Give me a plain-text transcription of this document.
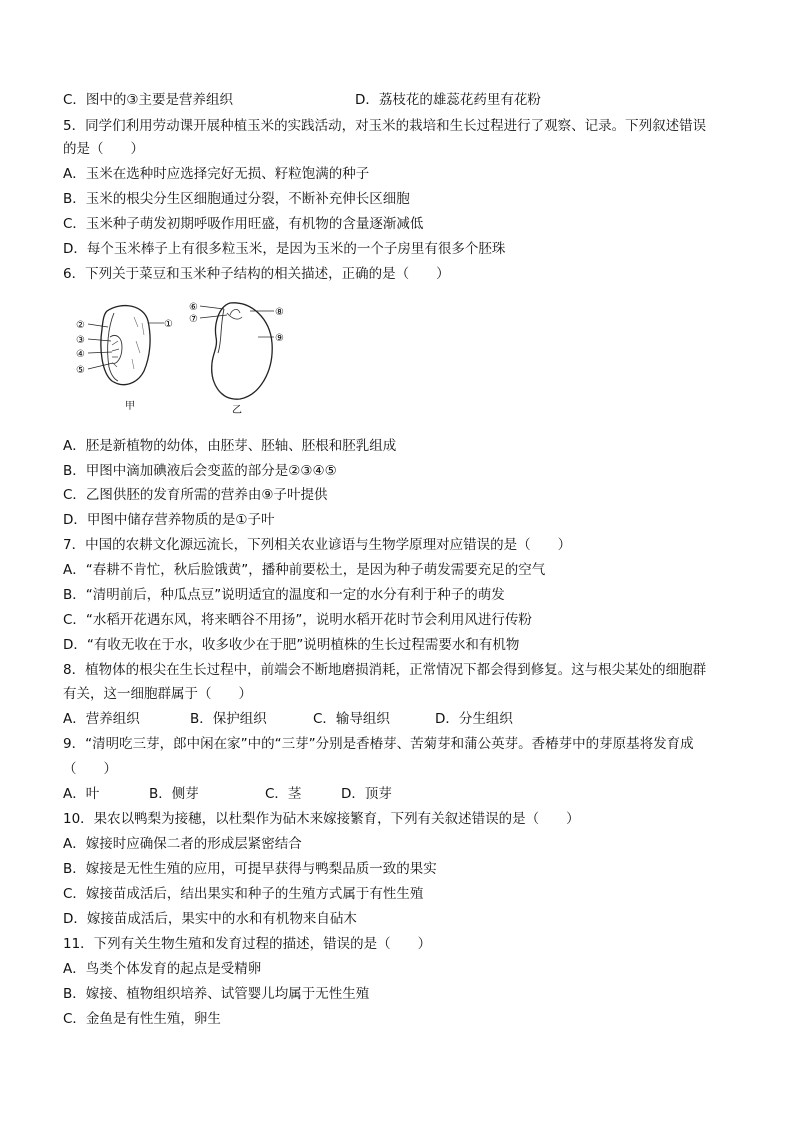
C．图中的③主要是营养组织	D．荔枝花的雄蕊花药里有花粉
5．同学们利用劳动课开展种植玉米的实践活动，对玉米的栽培和生长过程进行了观察、记录。下列叙述错误
的是（　　）
A．玉米在选种时应选择完好无损、籽粒饱满的种子
B．玉米的根尖分生区细胞通过分裂，不断补充伸长区细胞
C．玉米种子萌发初期呼吸作用旺盛，有机物的含量逐渐减低
D．每个玉米棒子上有很多粒玉米，是因为玉米的一个子房里有很多个胚珠
6．下列关于菜豆和玉米种子结构的相关描述，正确的是（　　）
②	①
③
④
⑤
甲
⑥
⑦
⑧
⑨
乙
A．胚是新植物的幼体，由胚芽、胚轴、胚根和胚乳组成
B．甲图中滴加碘液后会变蓝的部分是②③④⑤
C．乙图供胚的发育所需的营养由⑨子叶提供
D．甲图中储存营养物质的是①子叶
7．中国的农耕文化源远流长，下列相关农业谚语与生物学原理对应错误的是（　　）
A．“春耕不肯忙，秋后脸饿黄”，播种前要松土，是因为种子萌发需要充足的空气
B．“清明前后，种瓜点豆”说明适宜的温度和一定的水分有利于种子的萌发
C．“水稻开花遇东风，将来晒谷不用扬”，说明水稻开花时节会利用风进行传粉
D．“有收无收在于水，收多收少在于肥”说明植株的生长过程需要水和有机物
8．植物体的根尖在生长过程中，前端会不断地磨损消耗，正常情况下都会得到修复。这与根尖某处的细胞群
有关，这一细胞群属于（　　）
A．营养组织	B．保护组织	C．输导组织	D．分生组织
9．“清明吃三芽，郎中闲在家”中的“三芽”分别是香椿芽、苦菊芽和蒲公英芽。香椿芽中的芽原基将发育成
（　　）
A．叶	B．侧芽	C．茎	D．顶芽
10．果农以鸭梨为接穗，以杜梨作为砧木来嫁接繁育，下列有关叙述错误的是（　　）
A．嫁接时应确保二者的形成层紧密结合
B．嫁接是无性生殖的应用，可提早获得与鸭梨品质一致的果实
C．嫁接苗成活后，结出果实和种子的生殖方式属于有性生殖
D．嫁接苗成活后，果实中的水和有机物来自砧木
11．下列有关生物生殖和发育过程的描述，错误的是（　　）
A．鸟类个体发育的起点是受精卵
B．嫁接、植物组织培养、试管婴儿均属于无性生殖
C．金鱼是有性生殖，卵生
